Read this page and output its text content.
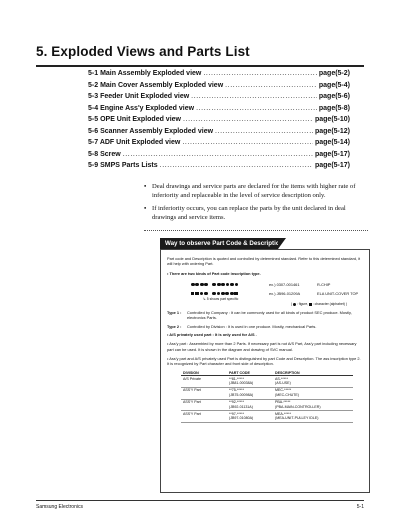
5. Exploded Views and Parts List
5-1 Main Assembly Exploded view .....	page(5-2)
5-2 Main Cover Assembly Exploded view .....	page(5-4)
5-3 Feeder Unit Exploded view .....	page(5-6)
5-4 Engine Ass'y Exploded view .....	page(5-8)
5-5 OPE Unit Exploded view .....	page(5-10)
5-6 Scanner Assembly Exploded view .....	page(5-12)
5-7 ADF Unit Exploded view .....	page(5-14)
5-8 Screw .....	page(5-17)
5-9 SMPS Parts Lists .....	page(5-17)
• Deal drawings and service parts are declared for the items with higher rate of inferiority and replaceable in the level of service description only.
• If inferiority occurs, you can replace the parts by the unit declared in deal drawings and service items.
Way to observe Part Code & Description

Part code and Description is quoted and controlled by determined standard. Refer to this determined standard, it will help with ordering Part.

• There are two kinds of Part code inscription type.

ex.) 0307-001461	R-CHIP
ex.) JB96-01209A	ELA UNIT-COVER TOP
↳ 5 shows part specific
( : figure, : character (alphabet) )
Type 1 :	Controlled by Company : It can be commonly used for all kinds of product SEC produce. Mostly, electronics Parts.
Type 2 :	Controlled by Division : It is used in one produce. Mostly, mechanical Parts.

• A/S privately used part : It is only used for A/S .

• Ass'y part : Assembled by more than 2 Parts. If necessary part is not A/S Part, Ass'y part including necessary part can be used. It is shown in the diagram and drawing of SVC manual.

• Ass'y part and A/S privately used Part is distinguished by part Code and Description. The ass inscription type 2. It is recognized by Part character and front side of description.

DIVISION	PART CODE	DESCRIPTION
A/S Private	**81-*****
(JB81-00038A)	AS-*****
(AS-USE)
ASS'Y Part	**75-*****
(JB75-00098A)	MEC-*****
(MEC-CHUTE)
ASS'Y Part	**92-*****
(JB92-01131A)	PBA-*****
(PBA-MAIN-CONTROLLER)
ASS'Y Part	**97-*****
(JB97-01080A)	MEA-*****
(MEA-UNIT-PULLEY IDLE)
Samsung Electronics	5-1
